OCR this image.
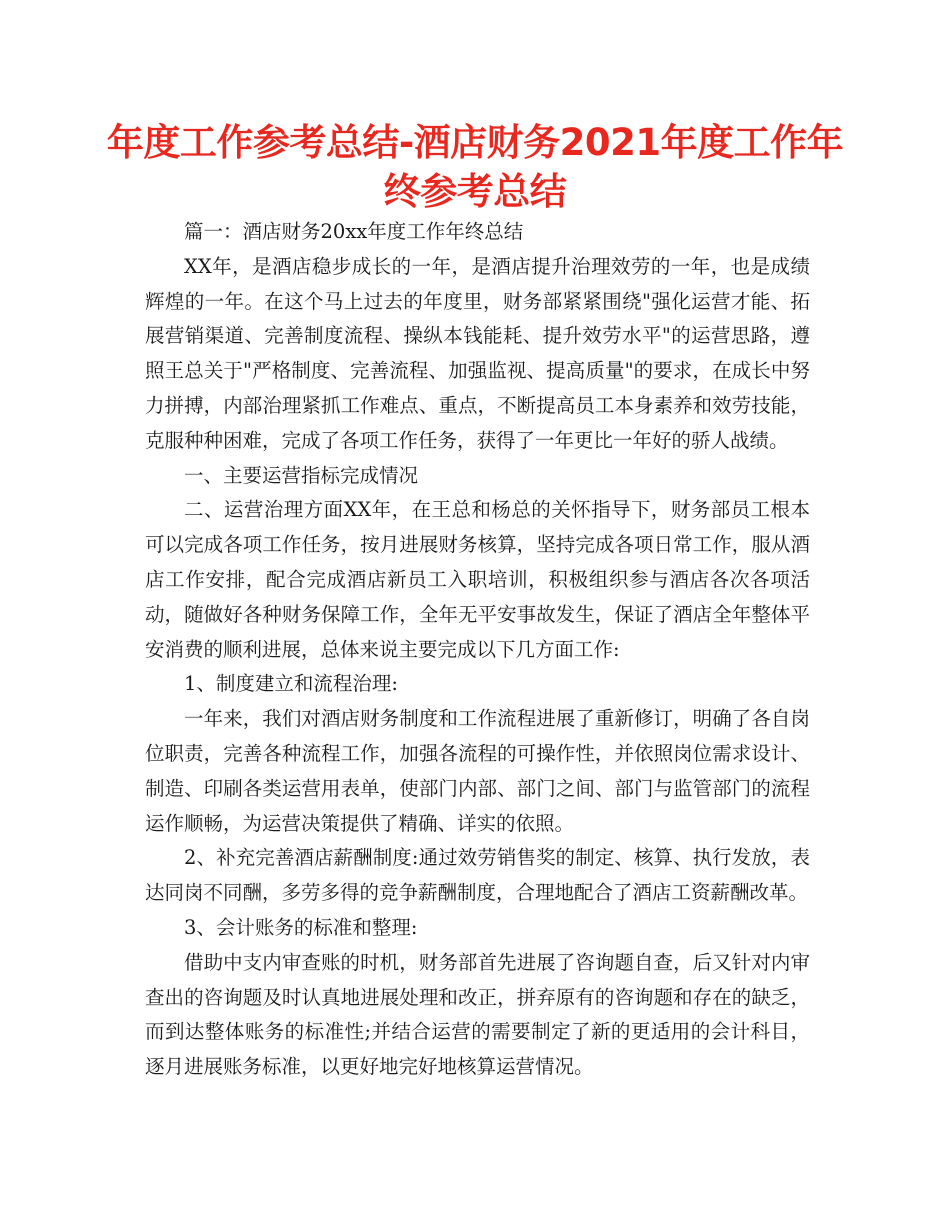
年度工作参考总结-酒店财务2021年度工作年终参考总结

篇一：酒店财务20xx年度工作年终总结

XX年，是酒店稳步成长的一年，是酒店提升治理效劳的一年，也是成绩辉煌的一年。在这个马上过去的年度里，财务部紧紧围绕"强化运营才能、拓展营销渠道、完善制度流程、操纵本钱能耗、提升效劳水平"的运营思路，遵照王总关于"严格制度、完善流程、加强监视、提高质量"的要求，在成长中努力拼搏，内部治理紧抓工作难点、重点，不断提高员工本身素养和效劳技能，克服种种困难，完成了各项工作任务，获得了一年更比一年好的骄人战绩。

一、主要运营指标完成情况

二、运营治理方面XX年，在王总和杨总的关怀指导下，财务部员工根本可以完成各项工作任务，按月进展财务核算，坚持完成各项日常工作，服从酒店工作安排，配合完成酒店新员工入职培训，积极组织参与酒店各次各项活动，随做好各种财务保障工作，全年无平安事故发生，保证了酒店全年整体平安消费的顺利进展，总体来说主要完成以下几方面工作:

1、制度建立和流程治理:

一年来，我们对酒店财务制度和工作流程进展了重新修订，明确了各自岗位职责，完善各种流程工作，加强各流程的可操作性，并依照岗位需求设计、制造、印刷各类运营用表单，使部门内部、部门之间、部门与监管部门的流程运作顺畅，为运营决策提供了精确、详实的依照。

2、补充完善酒店薪酬制度:通过效劳销售奖的制定、核算、执行发放，表达同岗不同酬，多劳多得的竞争薪酬制度，合理地配合了酒店工资薪酬改革。

3、会计账务的标准和整理:

借助中支内审查账的时机，财务部首先进展了咨询题自查，后又针对内审查出的咨询题及时认真地进展处理和改正，拼弃原有的咨询题和存在的缺乏，而到达整体账务的标准性;并结合运营的需要制定了新的更适用的会计科目，逐月进展账务标准，以更好地完好地核算运营情况。
